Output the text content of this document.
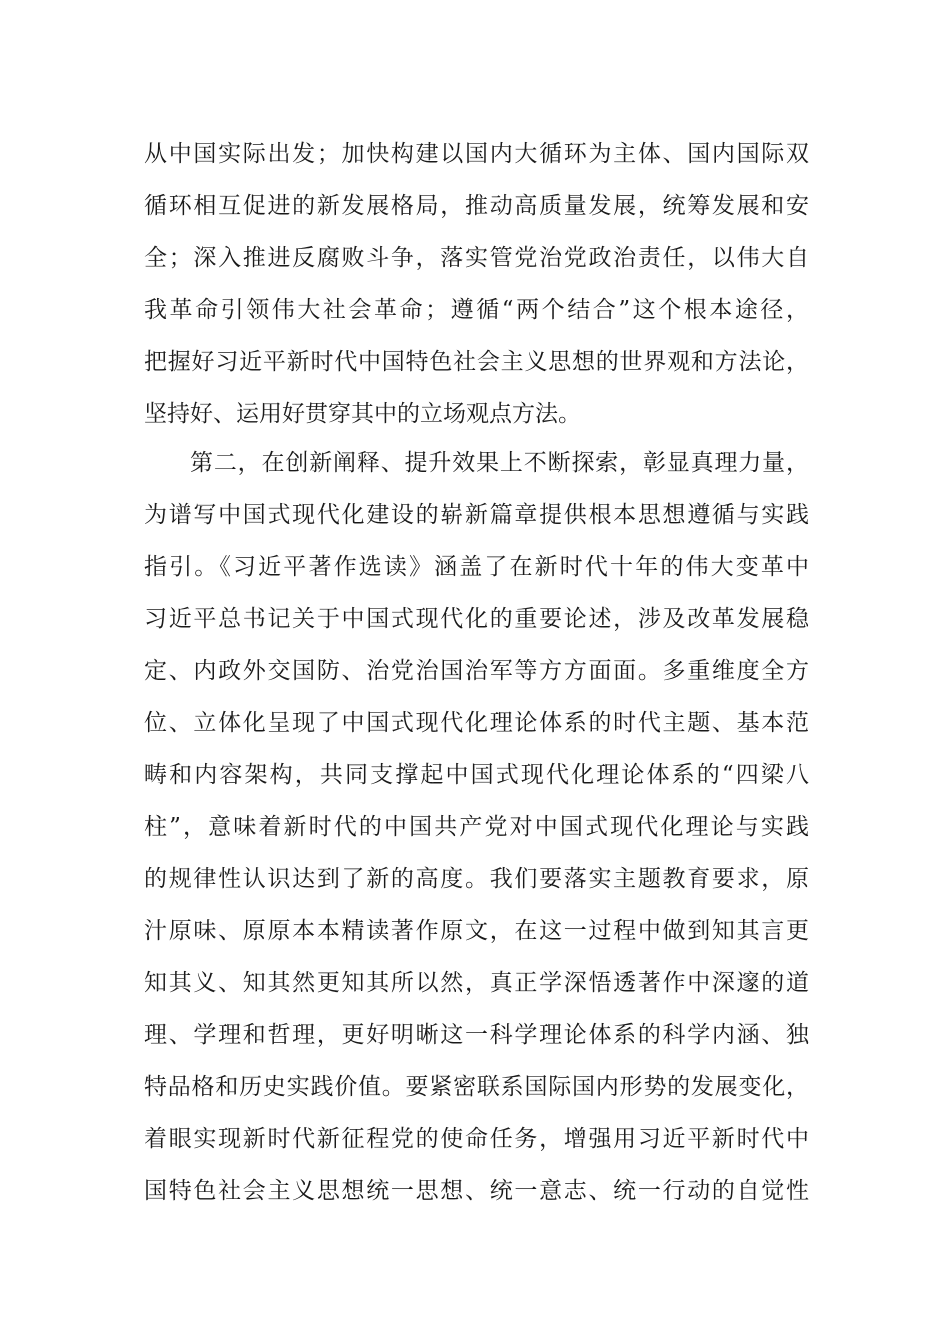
从中国实际出发；加快构建以国内大循环为主体、国内国际双
循环相互促进的新发展格局，推动高质量发展，统筹发展和安
全；深入推进反腐败斗争，落实管党治党政治责任，以伟大自
我革命引领伟大社会革命；遵循“两个结合”这个根本途径，
把握好习近平新时代中国特色社会主义思想的世界观和方法论，
坚持好、运用好贯穿其中的立场观点方法。
第二，在创新阐释、提升效果上不断探索，彰显真理力量，
为谱写中国式现代化建设的崭新篇章提供根本思想遵循与实践
指引。《习近平著作选读》涵盖了在新时代十年的伟大变革中
习近平总书记关于中国式现代化的重要论述，涉及改革发展稳
定、内政外交国防、治党治国治军等方方面面。多重维度全方
位、立体化呈现了中国式现代化理论体系的时代主题、基本范
畴和内容架构，共同支撑起中国式现代化理论体系的“四梁八
柱”，意味着新时代的中国共产党对中国式现代化理论与实践
的规律性认识达到了新的高度。我们要落实主题教育要求，原
汁原味、原原本本精读著作原文，在这一过程中做到知其言更
知其义、知其然更知其所以然，真正学深悟透著作中深邃的道
理、学理和哲理，更好明晰这一科学理论体系的科学内涵、独
特品格和历史实践价值。要紧密联系国际国内形势的发展变化，
着眼实现新时代新征程党的使命任务，增强用习近平新时代中
国特色社会主义思想统一思想、统一意志、统一行动的自觉性
